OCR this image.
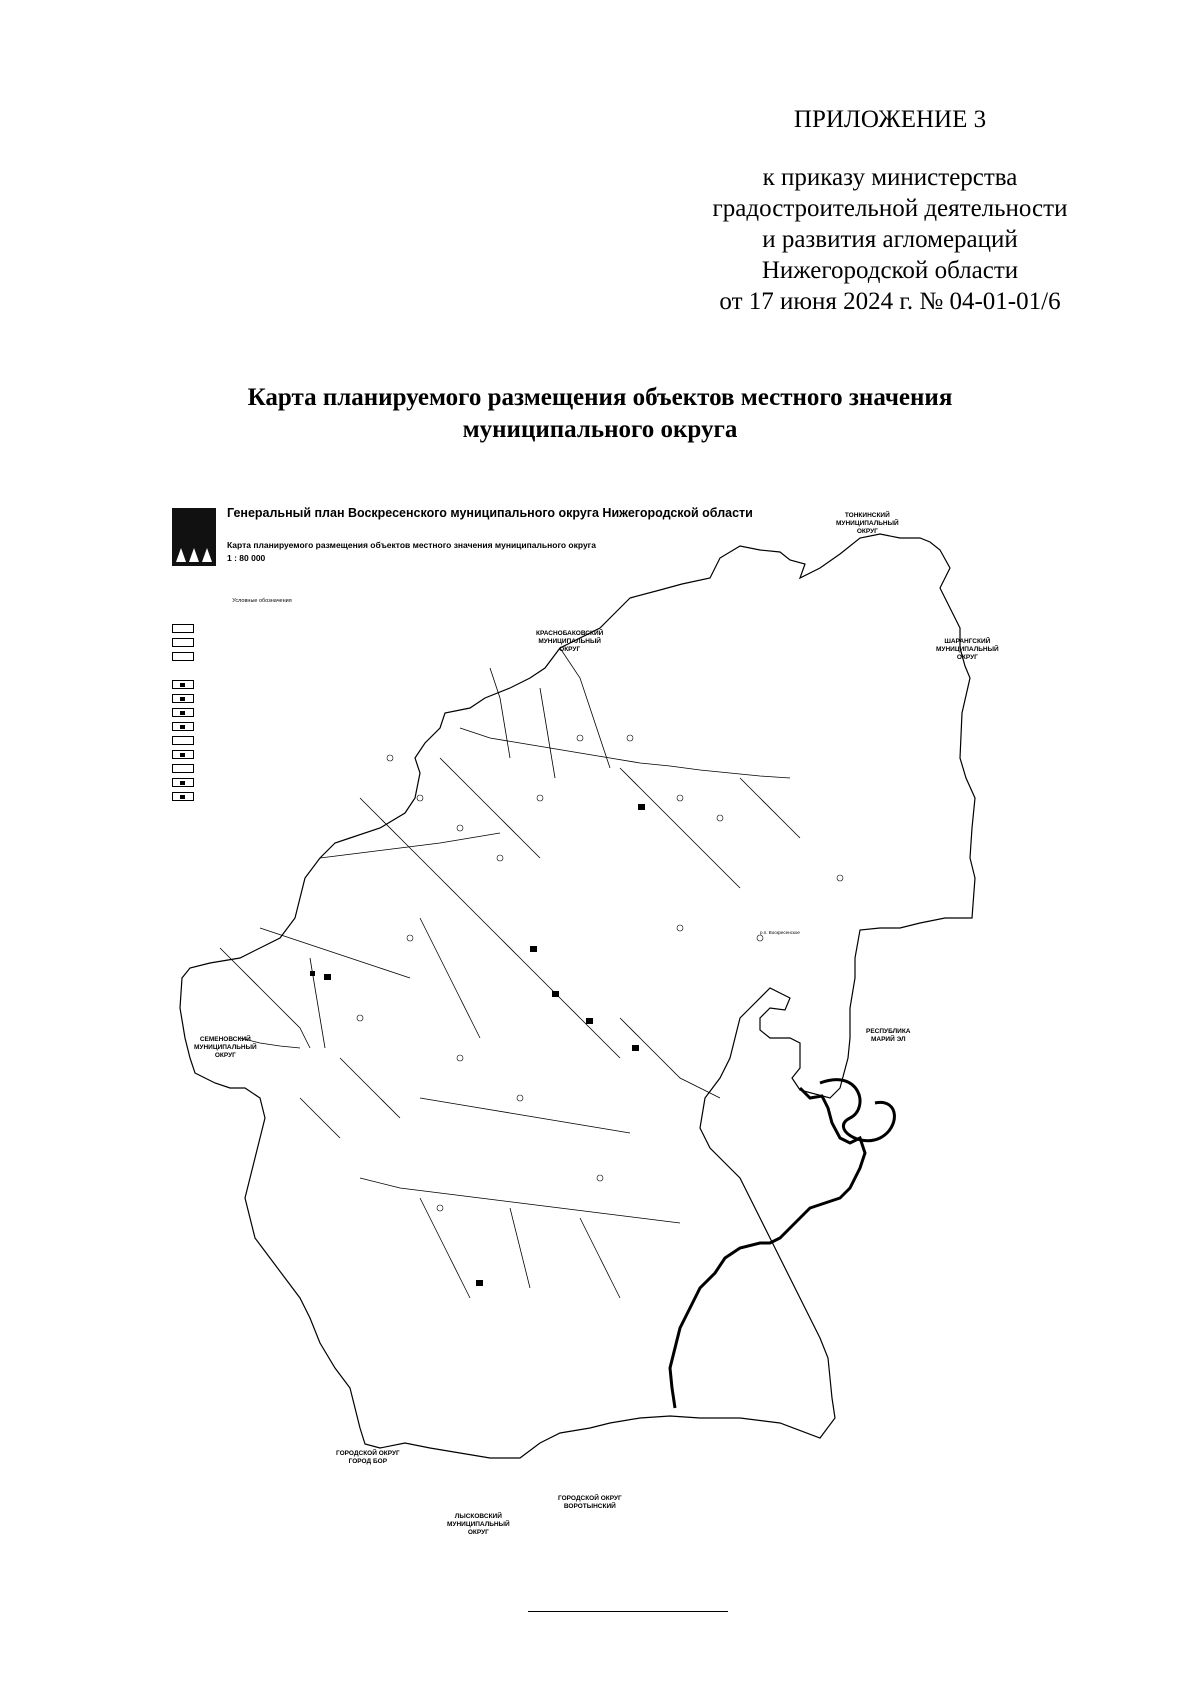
ПРИЛОЖЕНИЕ 3
к приказу министерства
градостроительной деятельности
и развития агломераций
Нижегородской области
от 17 июня 2024 г. № 04-01-01/6
Карта планируемого размещения объектов местного значения
муниципального округа
Генеральный план Воскресенского муниципального округа Нижегородской области
Карта планируемого размещения объектов местного значения муниципального округа
1 : 80 000
Условные обозначения
ТОНКИНСКИЙ
МУНИЦИПАЛЬНЫЙ
ОКРУГ
КРАСНОБАКОВСКИЙ
МУНИЦИПАЛЬНЫЙ
ОКРУГ
ШАРАНГСКИЙ
МУНИЦИПАЛЬНЫЙ
ОКРУГ
РЕСПУБЛИКА
МАРИЙ ЭЛ
СЕМЕНОВСКИЙ
МУНИЦИПАЛЬНЫЙ
ОКРУГ
ГОРОДСКОЙ ОКРУГ
ГОРОД БОР
ГОРОДСКОЙ ОКРУГ
ВОРОТЫНСКИЙ
ЛЫСКОВСКИЙ
МУНИЦИПАЛЬНЫЙ
ОКРУГ
р.п. Воскресенское
